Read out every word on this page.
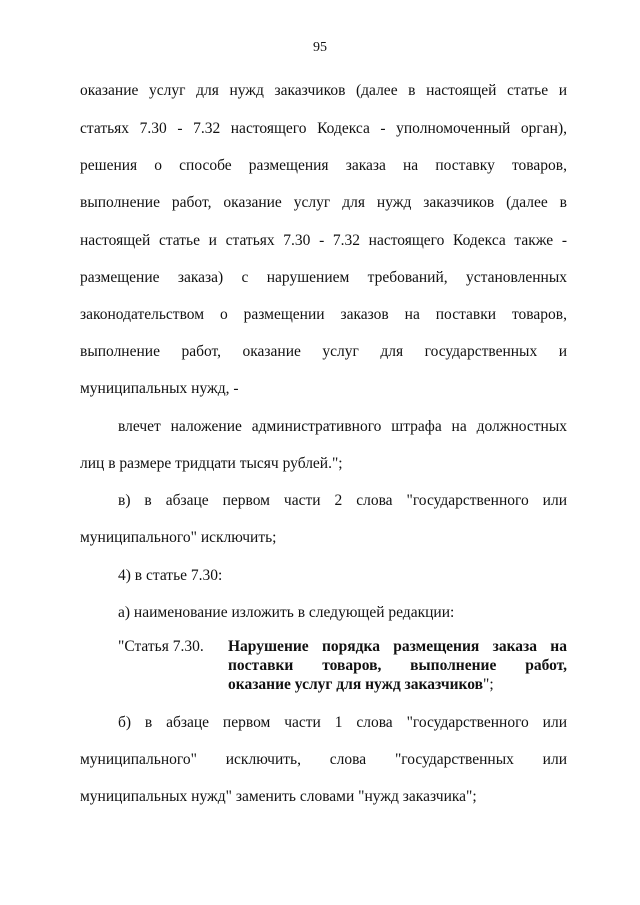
95
оказание услуг для нужд заказчиков (далее в настоящей статье и
статьях 7.30 - 7.32 настоящего Кодекса - уполномоченный орган),
решения о способе размещения заказа на поставку товаров,
выполнение работ, оказание услуг для нужд заказчиков (далее в
настоящей статье и статьях 7.30 - 7.32 настоящего Кодекса также -
размещение заказа) с нарушением требований, установленных
законодательством о размещении заказов на поставки товаров,
выполнение работ, оказание услуг для государственных и
муниципальных нужд, -
влечет наложение административного штрафа на должностных
лиц в размере тридцати тысяч рублей.";
в) в абзаце первом части 2 слова "государственного или
муниципального" исключить;
4) в статье 7.30:
а) наименование изложить в следующей редакции:
"Статья 7.30. Нарушение порядка размещения заказа на
поставки товаров, выполнение работ,
оказание услуг для нужд заказчиков";
б) в абзаце первом части 1 слова "государственного или
муниципального" исключить, слова "государственных или
муниципальных нужд" заменить словами "нужд заказчика";
